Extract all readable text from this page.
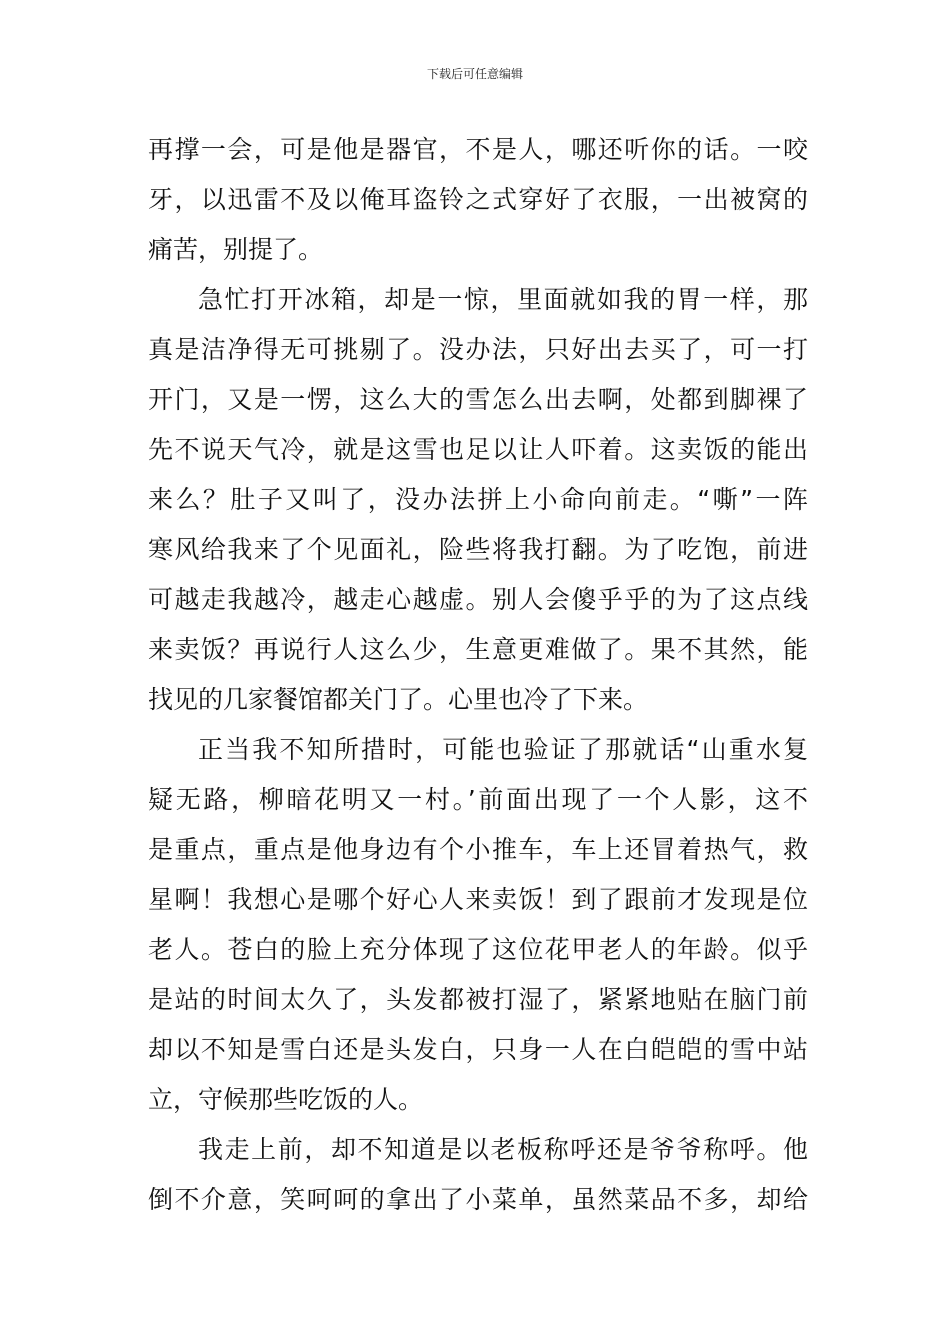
下载后可任意编辑
再撑一会，可是他是器官，不是人，哪还听你的话。一咬
牙，以迅雷不及以俺耳盗铃之式穿好了衣服，一出被窝的
痛苦，别提了。
急忙打开冰箱，却是一惊，里面就如我的胃一样，那
真是洁净得无可挑剔了。没办法，只好出去买了，可一打
开门，又是一愣，这么大的雪怎么出去啊，处都到脚裸了
先不说天气冷，就是这雪也足以让人吓着。这卖饭的能出
来么？肚子又叫了，没办法拼上小命向前走。“嘶”一阵
寒风给我来了个见面礼，险些将我打翻。为了吃饱，前进
可越走我越冷，越走心越虚。别人会傻乎乎的为了这点线
来卖饭？再说行人这么少，生意更难做了。果不其然，能
找见的几家餐馆都关门了。心里也冷了下来。
正当我不知所措时，可能也验证了那就话“山重水复
疑无路，柳暗花明又一村。’前面出现了一个人影，这不
是重点，重点是他身边有个小推车，车上还冒着热气，救
星啊！我想心是哪个好心人来卖饭！到了跟前才发现是位
老人。苍白的脸上充分体现了这位花甲老人的年龄。似乎
是站的时间太久了，头发都被打湿了，紧紧地贴在脑门前
却以不知是雪白还是头发白，只身一人在白皑皑的雪中站
立，守候那些吃饭的人。
我走上前，却不知道是以老板称呼还是爷爷称呼。他
倒不介意，笑呵呵的拿出了小菜单，虽然菜品不多，却给
